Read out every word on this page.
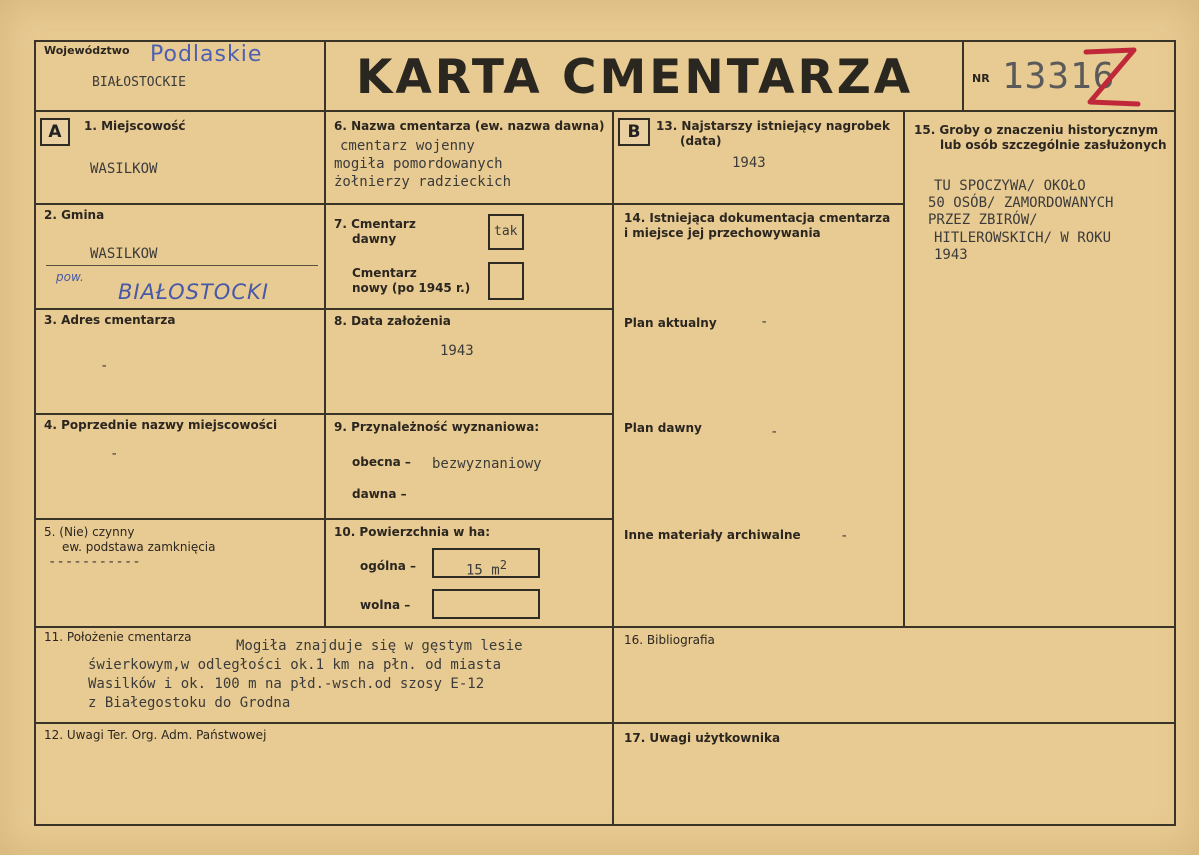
Województwo Podlaskie
BIAŁOSTOCKIE	KARTA CMENTARZA	NR 13316
A	B
1. Miejscowość
WASILKOW
2. Gmina
WASILKOW
pow.
BIAŁOSTOCKI
3. Adres cmentarza
-
4. Poprzednie nazwy miejscowości
-
5. (Nie) czynny
ew. podstawa zamknięcia
-----------
6. Nazwa cmentarza (ew. nazwa dawna)
cmentarz wojenny
mogiła pomordowanych
żołnierzy radzieckich
7. Cmentarz
dawny	tak
Cmentarz
nowy (po 1945 r.)
8. Data założenia
1943
9. Przynależność wyznaniowa:
obecna – bezwyznaniowy
dawna –
10. Powierzchnia w ha:
ogólna –	15 $m^2$
wolna –
11. Położenie cmentarza
Mogiła znajduje się w gęstym lesie
świerkowym,w odległości ok.1 km na płn. od miasta
Wasilków i ok. 100 m na płd.-wsch.od szosy E-12
z Białegostoku do Grodna
12. Uwagi Ter. Org. Adm. Państwowej
13. Najstarszy istniejący nagrobek
(data)
1943
14. Istniejąca dokumentacja cmentarza
i miejsce jej przechowywania
Plan aktualny	-
Plan dawny	-
Inne materiały archiwalne	-
15. Groby o znaczeniu historycznym
lub osób szczególnie zasłużonych
TU SPOCZYWA/ OKOŁO
50 OSÓB/ ZAMORDOWANYCH
PRZEZ ZBIRÓW/
HITLEROWSKICH/ W ROKU
1943
16. Bibliografia
17. Uwagi użytkownika
